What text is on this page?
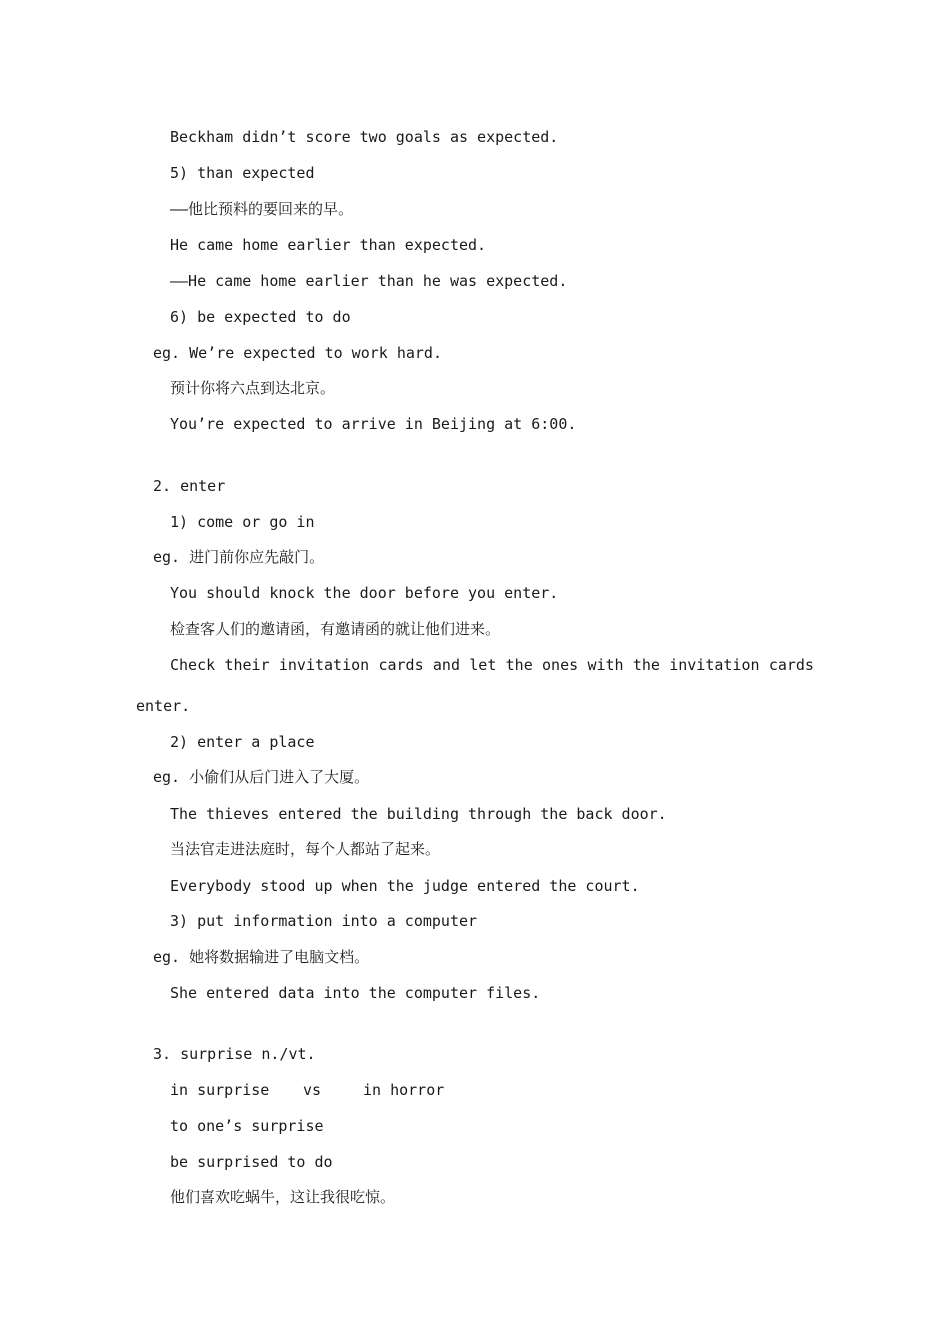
Beckham didn’t score two goals as expected.
5) than expected
——他比预料的要回来的早。
He came home earlier than expected.
——He came home earlier than he was expected.
6) be expected to do
eg. We’re expected to work hard.
预计你将六点到达北京。
You’re expected to arrive in Beijing at 6:00.
2. enter
1) come or go in
eg. 进门前你应先敲门。
You should knock the door before you enter.
检查客人们的邀请函，有邀请函的就让他们进来。
Check their invitation cards and let the ones with the invitation cards
enter.
2) enter a place
eg. 小偷们从后门进入了大厦。
The thieves entered the building through the back door.
当法官走进法庭时，每个人都站了起来。
Everybody stood up when the judge entered the court.
3) put information into a computer
eg. 她将数据输进了电脑文档。
She entered data into the computer files.
3. surprise n./vt.
in surprise vs	in horror
to one’s surprise
be surprised to do
他们喜欢吃蜗牛，这让我很吃惊。
